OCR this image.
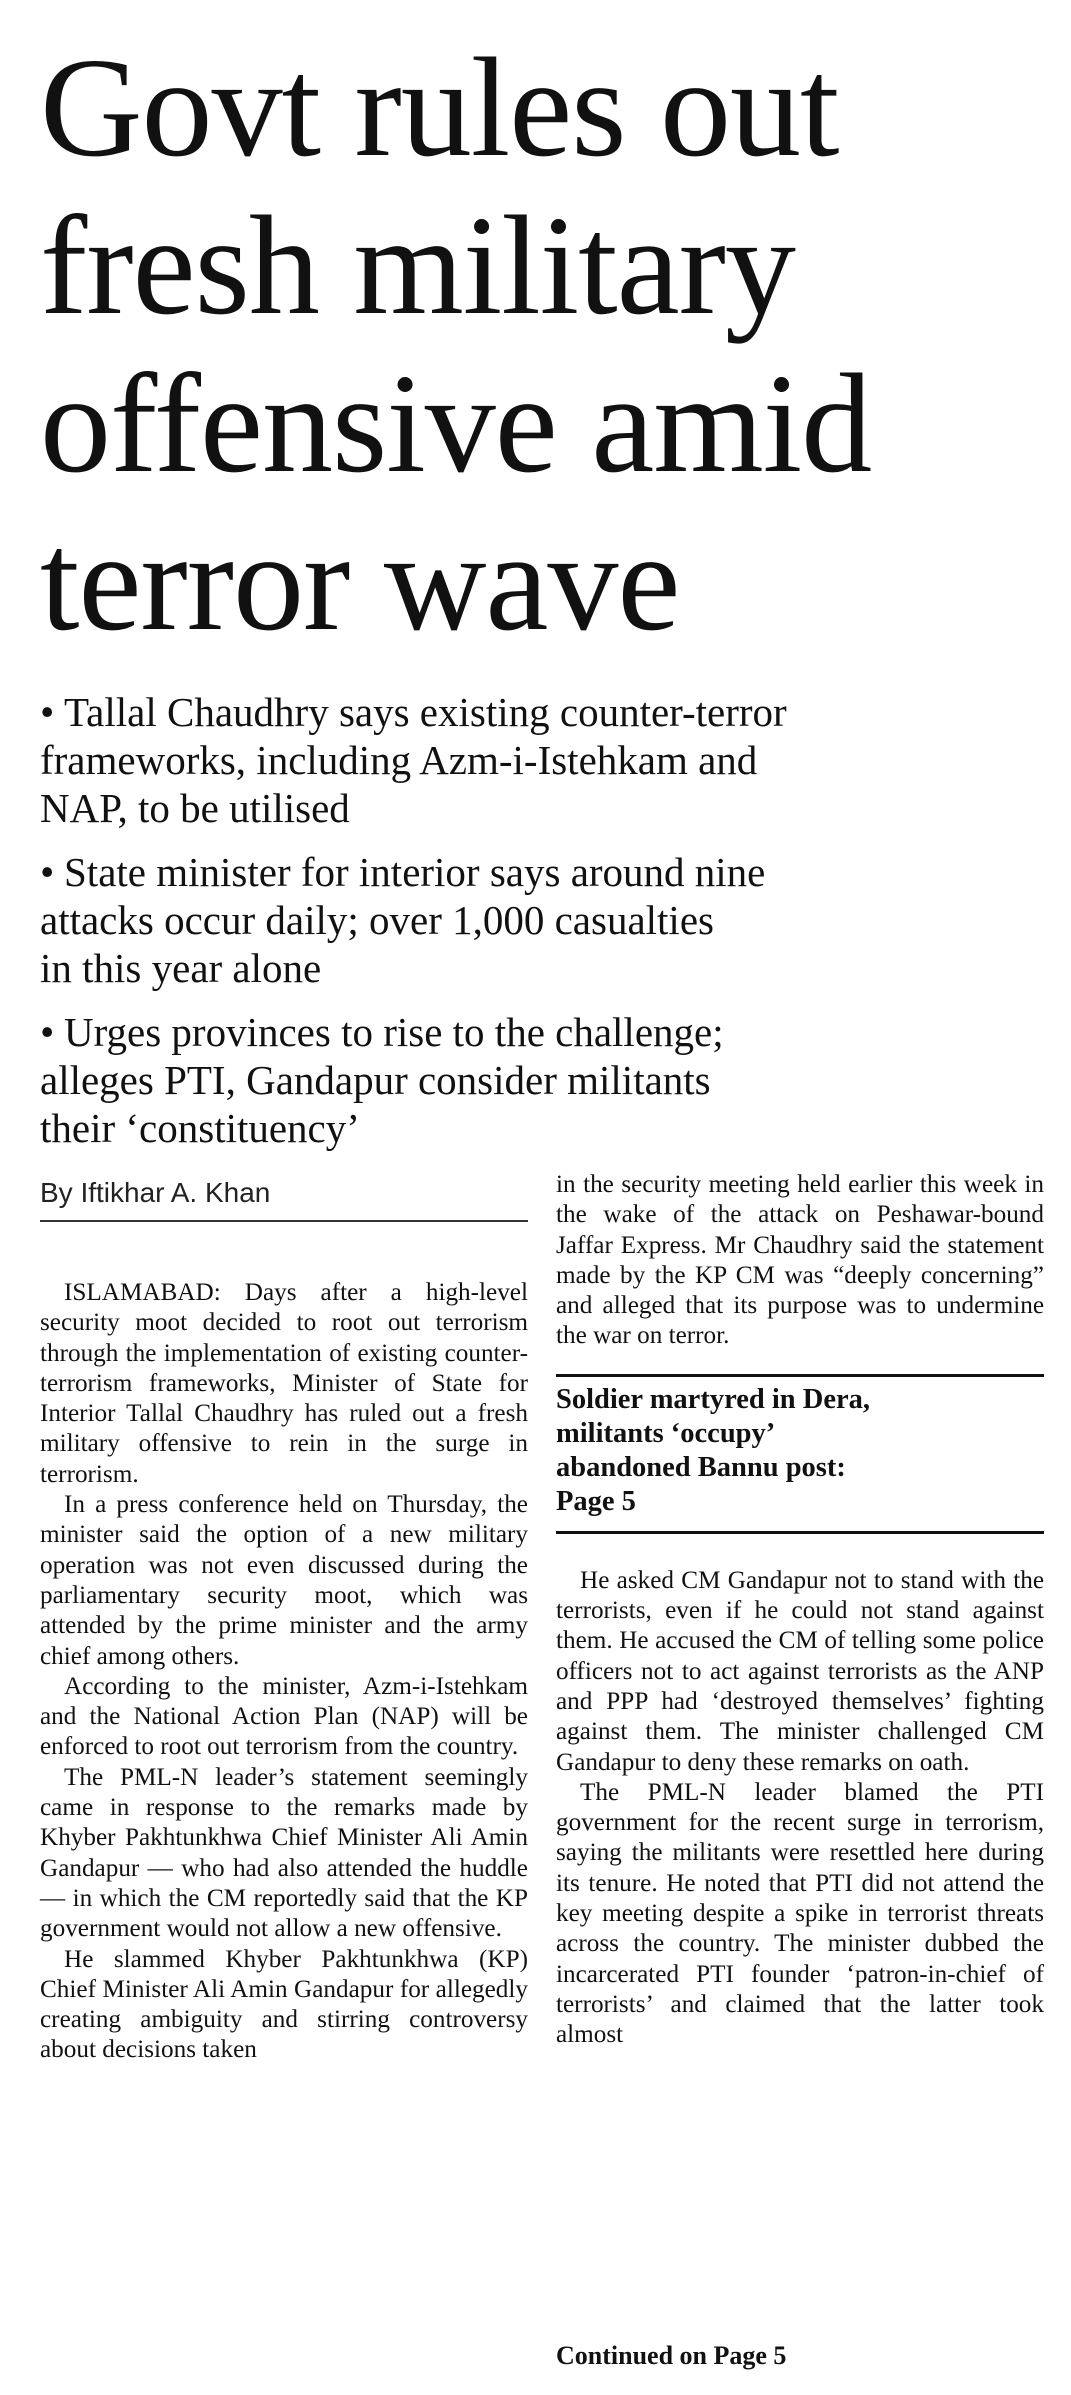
Govt rules out
fresh military
offensive amid
terror wave
• Tallal Chaudhry says existing counter-terror
frameworks, including Azm-i-Istehkam and
NAP, to be utilised
• State minister for interior says around nine
attacks occur daily; over 1,000 casualties
in this year alone
• Urges provinces to rise to the challenge;
alleges PTI, Gandapur consider militants
their ‘constituency’
By Iftikhar A. Khan

ISLAMABAD: Days after a high-level security moot decided to root out terrorism through the implementation of existing counter-terrorism frameworks, Minister of State for Interior Tallal Chaudhry has ruled out a fresh military offensive to rein in the surge in terrorism.

In a press conference held on Thursday, the minister said the option of a new military operation was not even discussed during the parliamentary security moot, which was attended by the prime minister and the army chief among others.

According to the minister, Azm-i-Istehkam and the National Action Plan (NAP) will be enforced to root out terrorism from the country.

The PML-N leader’s statement seemingly came in response to the remarks made by Khyber Pakhtunkhwa Chief Minister Ali Amin Gandapur — who had also attended the huddle — in which the CM reportedly said that the KP government would not allow a new offensive.

He slammed Khyber Pakhtunkhwa (KP) Chief Minister Ali Amin Gandapur for allegedly creating ambiguity and stirring controversy about decisions taken

in the security meeting held earlier this week in the wake of the attack on Peshawar-bound Jaffar Express. Mr Chaudhry said the statement made by the KP CM was “deeply concerning” and alleged that its purpose was to undermine the war on terror.

Soldier martyred in Dera,
militants ‘occupy’
abandoned Bannu post:
Page 5

He asked CM Gandapur not to stand with the terrorists, even if he could not stand against them. He accused the CM of telling some police officers not to act against terrorists as the ANP and PPP had ‘destroyed themselves’ fighting against them. The minister challenged CM Gandapur to deny these remarks on oath.

The PML-N leader blamed the PTI government for the recent surge in terrorism, saying the militants were resettled here during its tenure. He noted that PTI did not attend the key meeting despite a spike in terrorist threats across the country. The minister dubbed the incarcerated PTI founder ‘patron-in-chief of terrorists’ and claimed that the latter took almost

Continued on Page 5
